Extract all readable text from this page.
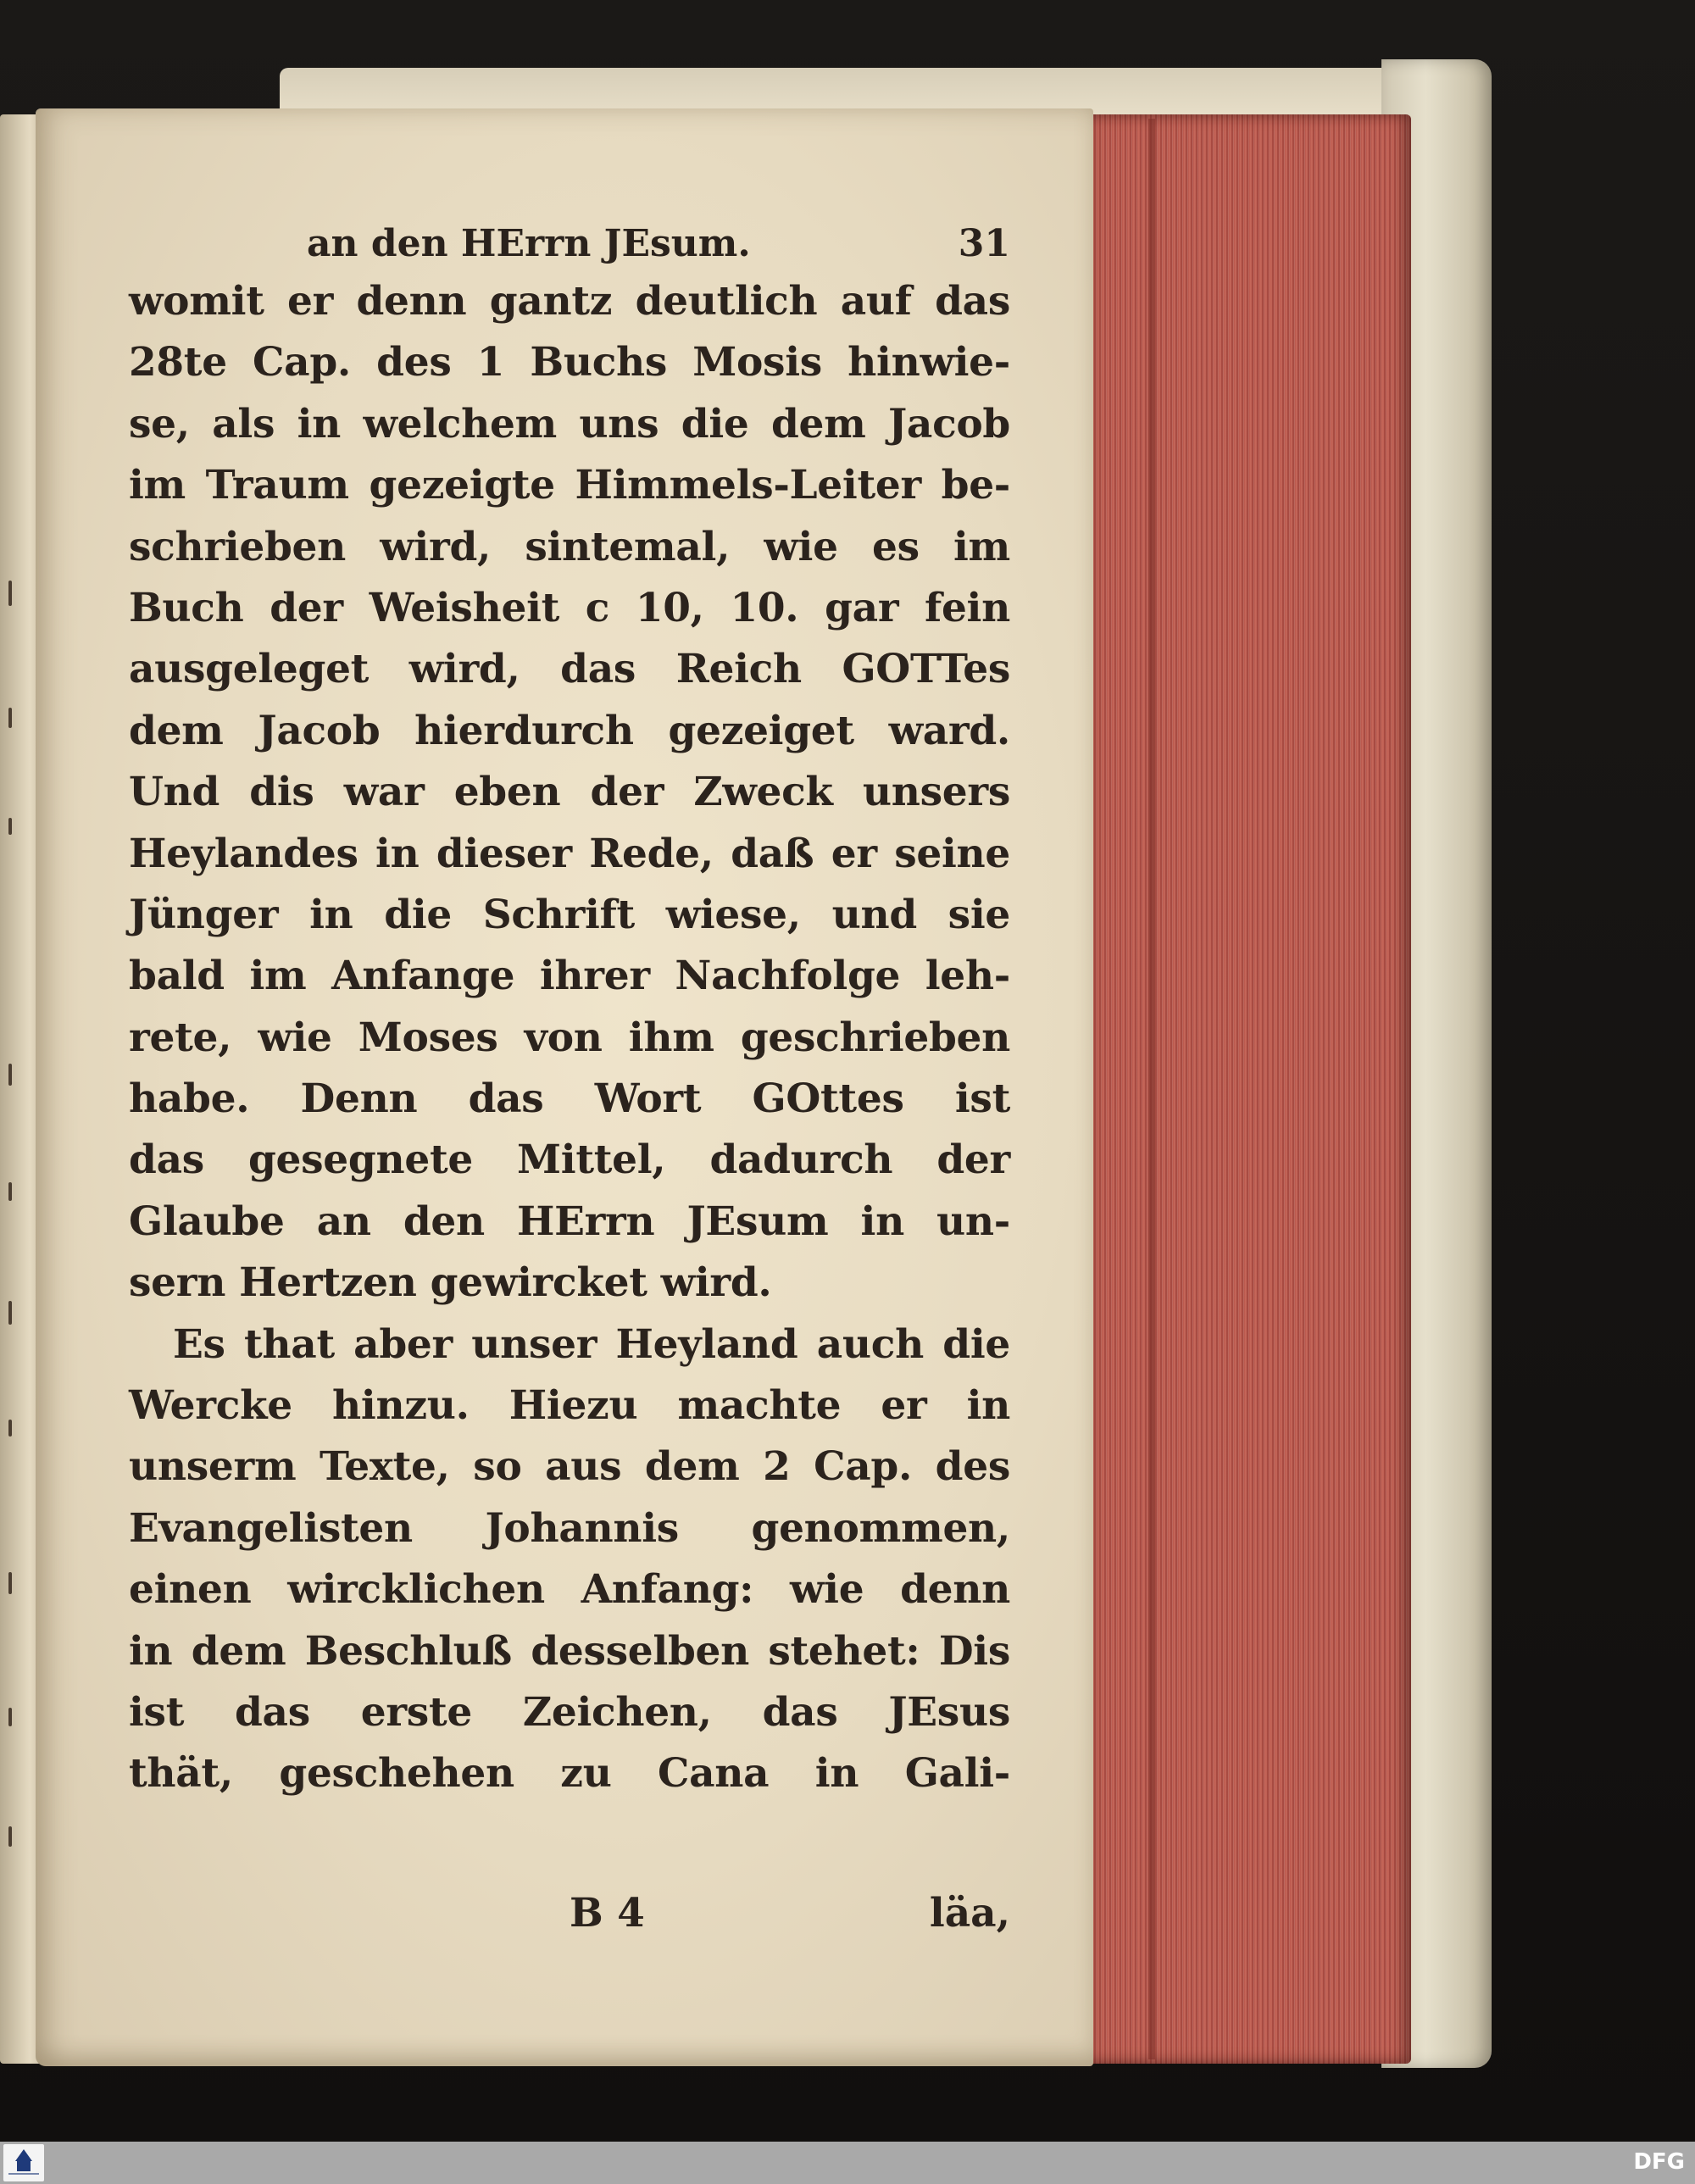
an den HErrn JEsum.	31
womit er denn gantz deutlich auf das
28te Cap. des 1 Buchs Mosis hinwie-
se, als in welchem uns die dem Jacob
im Traum gezeigte Himmels-Leiter be-
schrieben wird, sintemal, wie es im
Buch der Weisheit c 10, 10. gar fein
ausgeleget wird, das Reich GOTTes
dem Jacob hierdurch gezeiget ward.
Und dis war eben der Zweck unsers
Heylandes in dieser Rede, daß er seine
Jünger in die Schrift wiese, und sie
bald im Anfange ihrer Nachfolge leh-
rete, wie Moses von ihm geschrieben
habe. Denn das Wort GOttes ist
das gesegnete Mittel, dadurch der
Glaube an den HErrn JEsum in un-
sern Hertzen gewircket wird.
Es that aber unser Heyland auch die
Wercke hinzu. Hiezu machte er in
unserm Texte, so aus dem 2 Cap. des
Evangelisten Johannis genommen,
einen wircklichen Anfang: wie denn
in dem Beschluß desselben stehet: Dis
ist das erste Zeichen, das JEsus
thät, geschehen zu Cana in Gali-
B 4	läa,
DFG
